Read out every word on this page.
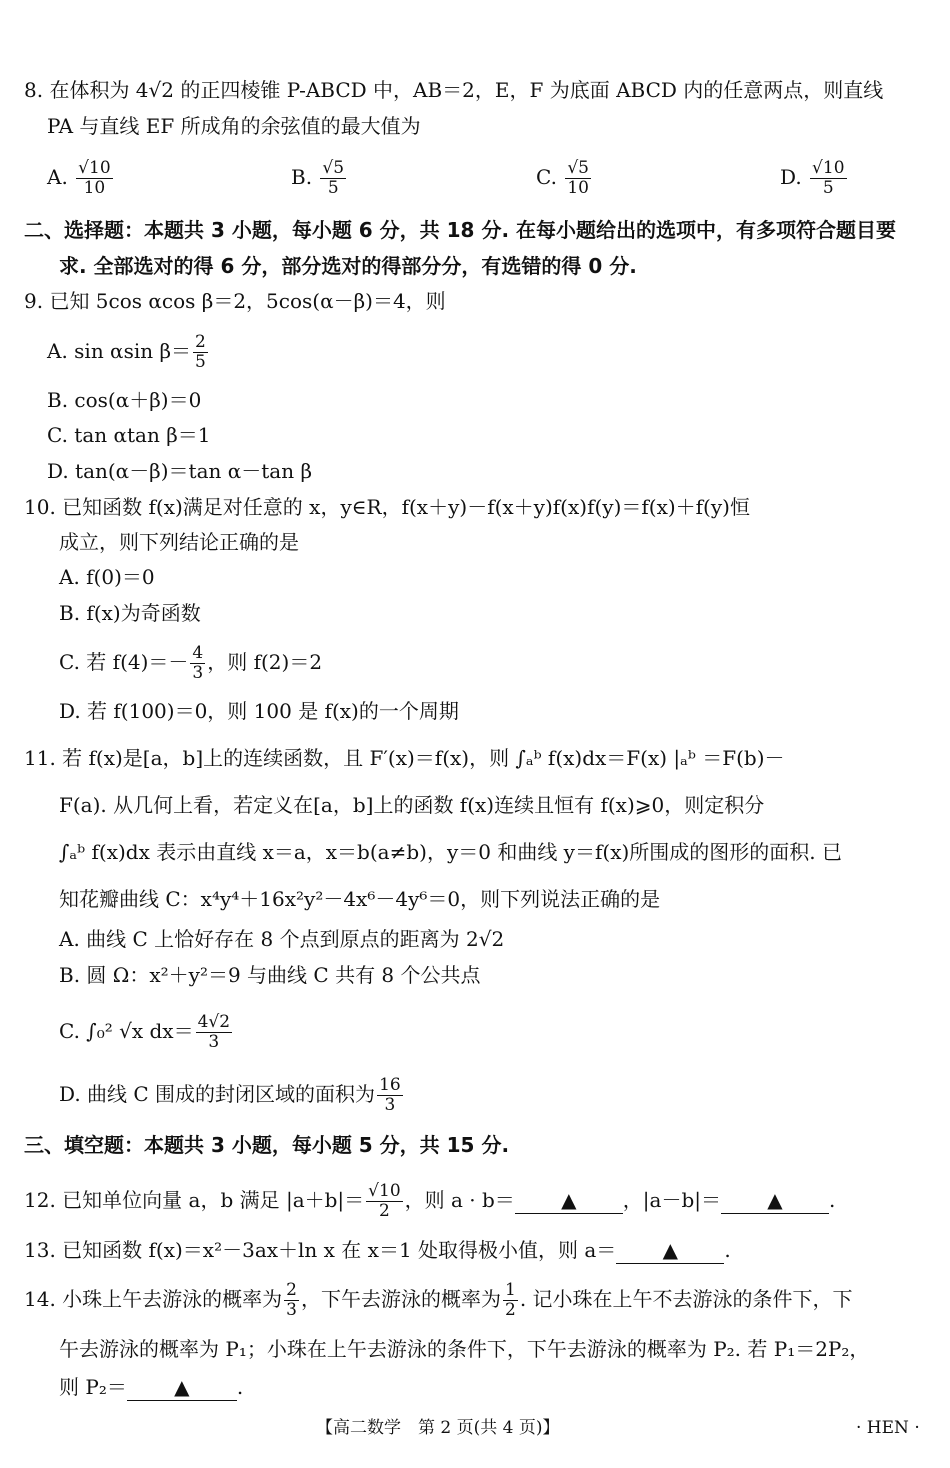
8. 在体积为 4√2 的正四棱锥 P-ABCD 中，AB＝2，E，F 为底面 ABCD 内的任意两点，则直线
PA 与直线 EF 所成角的余弦值的最大值为
A. $\frac{√10}{10}$	B. $\frac{√5}{5}$	C. $\frac{√5}{10}$	D. $\frac{√10}{5}$
二、选择题：本题共 3 小题，每小题 6 分，共 18 分. 在每小题给出的选项中，有多项符合题目要
求. 全部选对的得 6 分，部分选对的得部分分，有选错的得 0 分.
9. 已知 5cos αcos β＝2，5cos(α－β)＝4，则
A. sin αsin $\beta= \frac{2}{5}$
B. cos(α＋β)＝0
C. tan αtan β＝1
D. tan(α－β)＝tan α－tan β
10. 已知函数 f(x)满足对任意的 x，y∈R，f(x＋y)－f(x＋y)f(x)f(y)＝f(x)＋f(y)恒
成立，则下列结论正确的是
A. f(0)＝0
B. f(x)为奇函数
C. 若 $f(4)=- \frac{4}{3}$ ，则 f(2)＝2
D. 若 f(100)＝0，则 100 是 f(x)的一个周期
11. 若 f(x)是[a，b]上的连续函数，且 F′(x)＝f(x)，则 ∫ₐᵇ f(x)dx＝F(x) |ₐᵇ ＝F(b)－
F(a). 从几何上看，若定义在[a，b]上的函数 f(x)连续且恒有 f(x)⩾0，则定积分
∫ₐᵇ f(x)dx 表示由直线 x＝a，x＝b(a≠b)，y＝0 和曲线 y＝f(x)所围成的图形的面积. 已
知花瓣曲线 C：x⁴y⁴＋16x²y²－4x⁶－4y⁶＝0，则下列说法正确的是
A. 曲线 C 上恰好存在 8 个点到原点的距离为 2√2
B. 圆 Ω：x²＋y²＝9 与曲线 C 共有 8 个公共点
C. ∫₀² √x $dx= \frac{4√2}{3}$
D. 曲线 C 围成的封闭区域的面积为 $\frac{16}{3}$
三、填空题：本题共 3 小题，每小题 5 分，共 15 分.
12. 已知单位向量 a，b 满足 $|a+b|= \frac{√10}{2}$ ，则 a · b＝ ▲ ，|a－b|＝ ▲ .
13. 已知函数 f(x)＝x²－3ax＋ln x 在 x＝1 处取得极小值，则 a＝ ▲ .
14. 小珠上午去游泳的概率为 $\frac{2}{3}$ ，下午去游泳的概率为 $\frac{1}{2}$ . 记小珠在上午不去游泳的条件下，下
午去游泳的概率为 P₁；小珠在上午去游泳的条件下，下午去游泳的概率为 P₂. 若 P₁＝2P₂，
则 P₂＝ ▲ .
【高二数学　第 2 页(共 4 页)】	· HEN ·
